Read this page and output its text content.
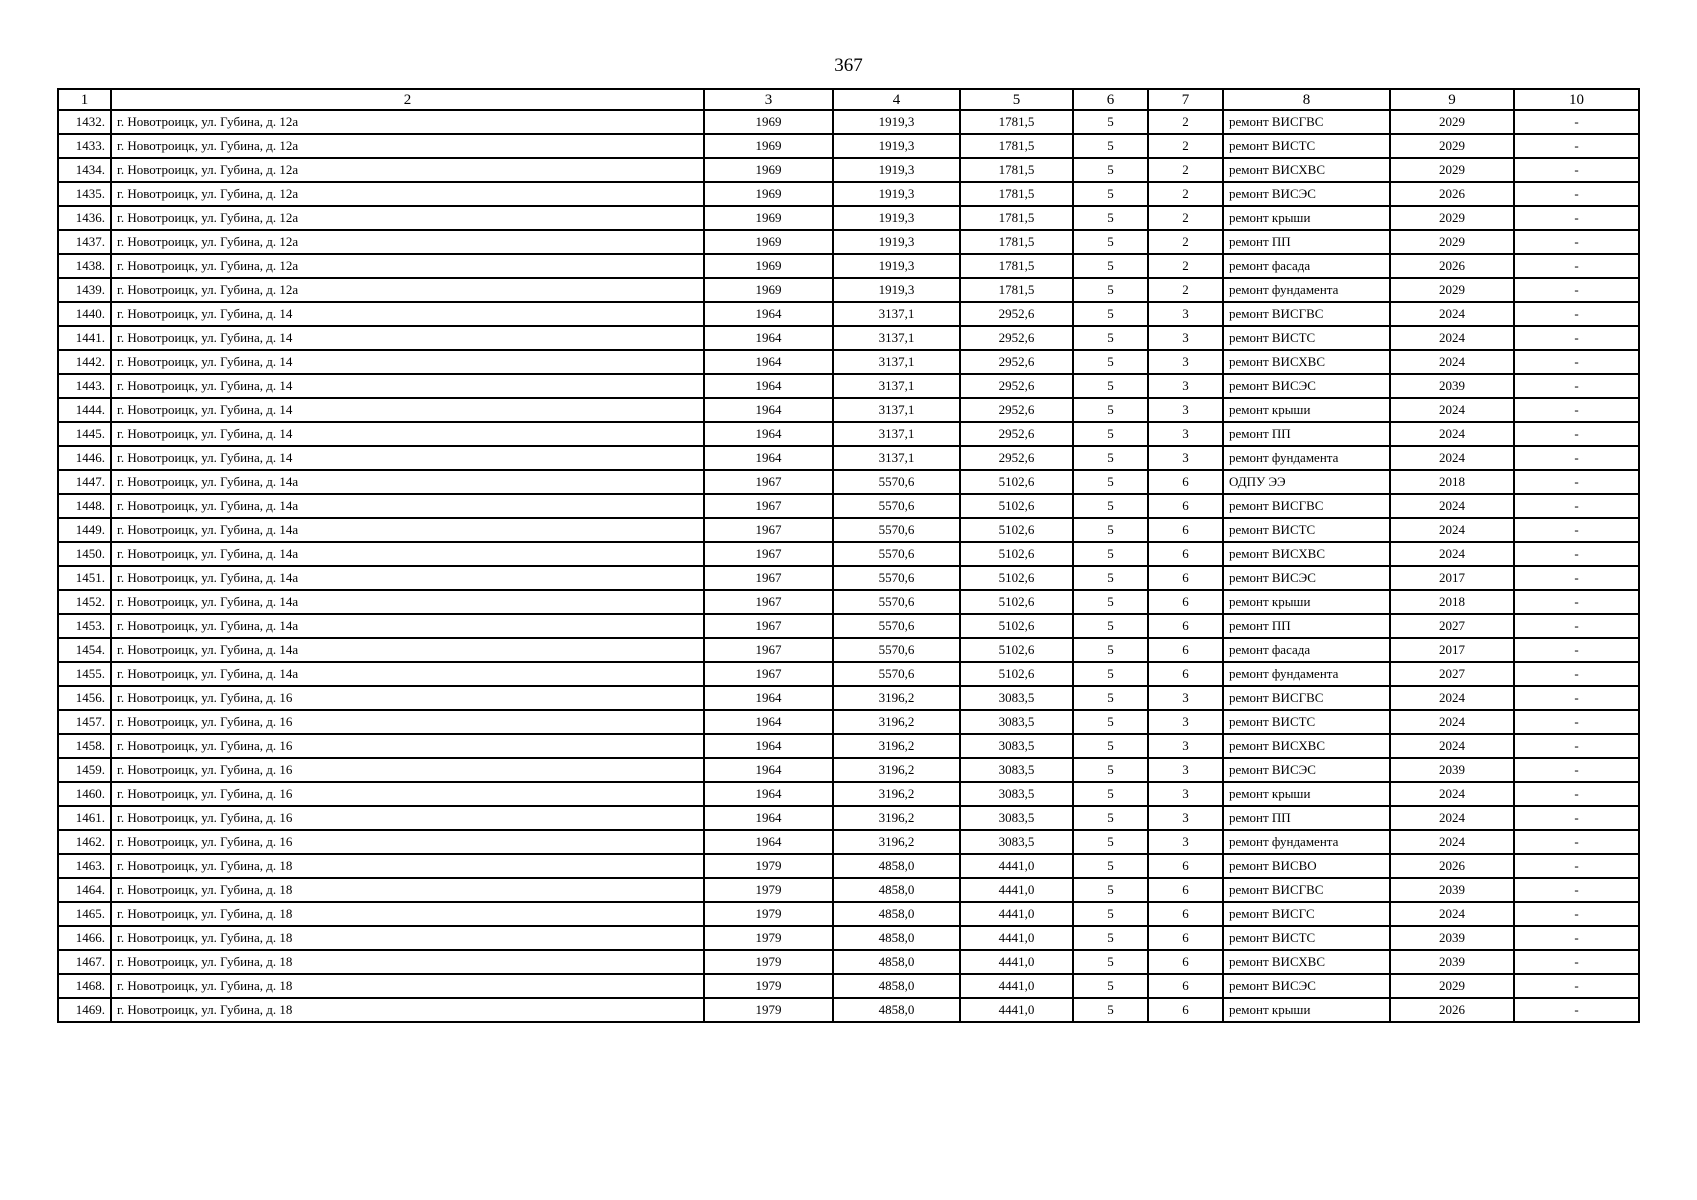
367
1	2	3	4	5	6	7	8	9	10
1432.	г. Новотроицк, ул. Губина, д. 12а	1969	1919,3	1781,5	5	2	ремонт ВИСГВС	2029	-
1433.	г. Новотроицк, ул. Губина, д. 12а	1969	1919,3	1781,5	5	2	ремонт ВИСТС	2029	-
1434.	г. Новотроицк, ул. Губина, д. 12а	1969	1919,3	1781,5	5	2	ремонт ВИСХВС	2029	-
1435.	г. Новотроицк, ул. Губина, д. 12а	1969	1919,3	1781,5	5	2	ремонт ВИСЭС	2026	-
1436.	г. Новотроицк, ул. Губина, д. 12а	1969	1919,3	1781,5	5	2	ремонт крыши	2029	-
1437.	г. Новотроицк, ул. Губина, д. 12а	1969	1919,3	1781,5	5	2	ремонт ПП	2029	-
1438.	г. Новотроицк, ул. Губина, д. 12а	1969	1919,3	1781,5	5	2	ремонт фасада	2026	-
1439.	г. Новотроицк, ул. Губина, д. 12а	1969	1919,3	1781,5	5	2	ремонт фундамента	2029	-
1440.	г. Новотроицк, ул. Губина, д. 14	1964	3137,1	2952,6	5	3	ремонт ВИСГВС	2024	-
1441.	г. Новотроицк, ул. Губина, д. 14	1964	3137,1	2952,6	5	3	ремонт ВИСТС	2024	-
1442.	г. Новотроицк, ул. Губина, д. 14	1964	3137,1	2952,6	5	3	ремонт ВИСХВС	2024	-
1443.	г. Новотроицк, ул. Губина, д. 14	1964	3137,1	2952,6	5	3	ремонт ВИСЭС	2039	-
1444.	г. Новотроицк, ул. Губина, д. 14	1964	3137,1	2952,6	5	3	ремонт крыши	2024	-
1445.	г. Новотроицк, ул. Губина, д. 14	1964	3137,1	2952,6	5	3	ремонт ПП	2024	-
1446.	г. Новотроицк, ул. Губина, д. 14	1964	3137,1	2952,6	5	3	ремонт фундамента	2024	-
1447.	г. Новотроицк, ул. Губина, д. 14а	1967	5570,6	5102,6	5	6	ОДПУ ЭЭ	2018	-
1448.	г. Новотроицк, ул. Губина, д. 14а	1967	5570,6	5102,6	5	6	ремонт ВИСГВС	2024	-
1449.	г. Новотроицк, ул. Губина, д. 14а	1967	5570,6	5102,6	5	6	ремонт ВИСТС	2024	-
1450.	г. Новотроицк, ул. Губина, д. 14а	1967	5570,6	5102,6	5	6	ремонт ВИСХВС	2024	-
1451.	г. Новотроицк, ул. Губина, д. 14а	1967	5570,6	5102,6	5	6	ремонт ВИСЭС	2017	-
1452.	г. Новотроицк, ул. Губина, д. 14а	1967	5570,6	5102,6	5	6	ремонт крыши	2018	-
1453.	г. Новотроицк, ул. Губина, д. 14а	1967	5570,6	5102,6	5	6	ремонт ПП	2027	-
1454.	г. Новотроицк, ул. Губина, д. 14а	1967	5570,6	5102,6	5	6	ремонт фасада	2017	-
1455.	г. Новотроицк, ул. Губина, д. 14а	1967	5570,6	5102,6	5	6	ремонт фундамента	2027	-
1456.	г. Новотроицк, ул. Губина, д. 16	1964	3196,2	3083,5	5	3	ремонт ВИСГВС	2024	-
1457.	г. Новотроицк, ул. Губина, д. 16	1964	3196,2	3083,5	5	3	ремонт ВИСТС	2024	-
1458.	г. Новотроицк, ул. Губина, д. 16	1964	3196,2	3083,5	5	3	ремонт ВИСХВС	2024	-
1459.	г. Новотроицк, ул. Губина, д. 16	1964	3196,2	3083,5	5	3	ремонт ВИСЭС	2039	-
1460.	г. Новотроицк, ул. Губина, д. 16	1964	3196,2	3083,5	5	3	ремонт крыши	2024	-
1461.	г. Новотроицк, ул. Губина, д. 16	1964	3196,2	3083,5	5	3	ремонт ПП	2024	-
1462.	г. Новотроицк, ул. Губина, д. 16	1964	3196,2	3083,5	5	3	ремонт фундамента	2024	-
1463.	г. Новотроицк, ул. Губина, д. 18	1979	4858,0	4441,0	5	6	ремонт ВИСВО	2026	-
1464.	г. Новотроицк, ул. Губина, д. 18	1979	4858,0	4441,0	5	6	ремонт ВИСГВС	2039	-
1465.	г. Новотроицк, ул. Губина, д. 18	1979	4858,0	4441,0	5	6	ремонт ВИСГС	2024	-
1466.	г. Новотроицк, ул. Губина, д. 18	1979	4858,0	4441,0	5	6	ремонт ВИСТС	2039	-
1467.	г. Новотроицк, ул. Губина, д. 18	1979	4858,0	4441,0	5	6	ремонт ВИСХВС	2039	-
1468.	г. Новотроицк, ул. Губина, д. 18	1979	4858,0	4441,0	5	6	ремонт ВИСЭС	2029	-
1469.	г. Новотроицк, ул. Губина, д. 18	1979	4858,0	4441,0	5	6	ремонт крыши	2026	-
